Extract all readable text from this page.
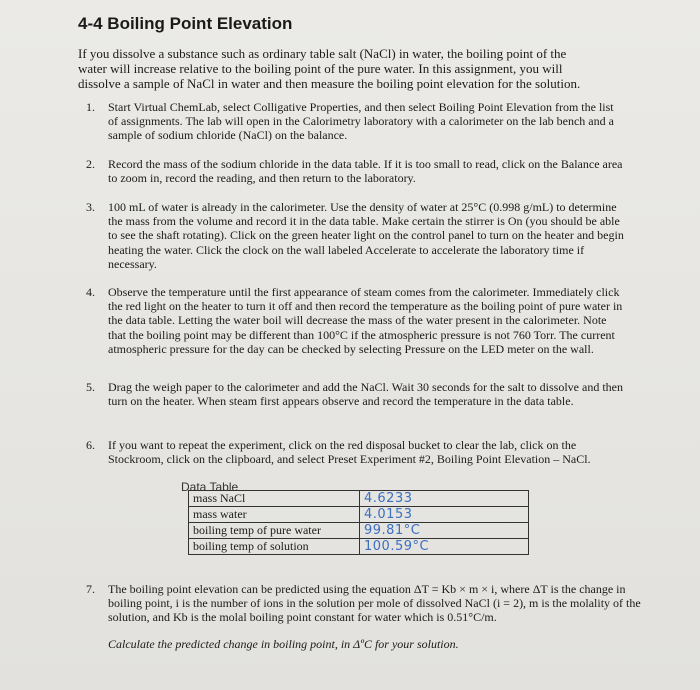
4-4 Boiling Point Elevation
If you dissolve a substance such as ordinary table salt (NaCl) in water, the boiling point of the water will increase relative to the boiling point of the pure water. In this assignment, you will dissolve a sample of NaCl in water and then measure the boiling point elevation for the solution.
1. Start Virtual ChemLab, select Colligative Properties, and then select Boiling Point Elevation from the list of assignments. The lab will open in the Calorimetry laboratory with a calorimeter on the lab bench and a sample of sodium chloride (NaCl) on the balance.
2. Record the mass of the sodium chloride in the data table. If it is too small to read, click on the Balance area to zoom in, record the reading, and then return to the laboratory.
3. 100 mL of water is already in the calorimeter. Use the density of water at 25°C (0.998 g/mL) to determine the mass from the volume and record it in the data table. Make certain the stirrer is On (you should be able to see the shaft rotating). Click on the green heater light on the control panel to turn on the heater and begin heating the water. Click the clock on the wall labeled Accelerate to accelerate the laboratory time if necessary.
4. Observe the temperature until the first appearance of steam comes from the calorimeter. Immediately click the red light on the heater to turn it off and then record the temperature as the boiling point of pure water in the data table. Letting the water boil will decrease the mass of the water present in the calorimeter. Note that the boiling point may be different than 100°C if the atmospheric pressure is not 760 Torr. The current atmospheric pressure for the day can be checked by selecting Pressure on the LED meter on the wall.
5. Drag the weigh paper to the calorimeter and add the NaCl. Wait 30 seconds for the salt to dissolve and then turn on the heater. When steam first appears observe and record the temperature in the data table.
6. If you want to repeat the experiment, click on the red disposal bucket to clear the lab, click on the Stockroom, click on the clipboard, and select Preset Experiment #2, Boiling Point Elevation – NaCl.
Data Table
mass NaCl	4.6233
mass water	4.0153
boiling temp of pure water	99.81°C
boiling temp of solution	100.59°C
7. The boiling point elevation can be predicted using the equation ΔT = Kb × m × i, where ΔT is the change in boiling point, i is the number of ions in the solution per mole of dissolved NaCl (i = 2), m is the molality of the solution, and Kb is the molal boiling point constant for water which is 0.51°C/m.
Calculate the predicted change in boiling point, in ΔºC for your solution.
